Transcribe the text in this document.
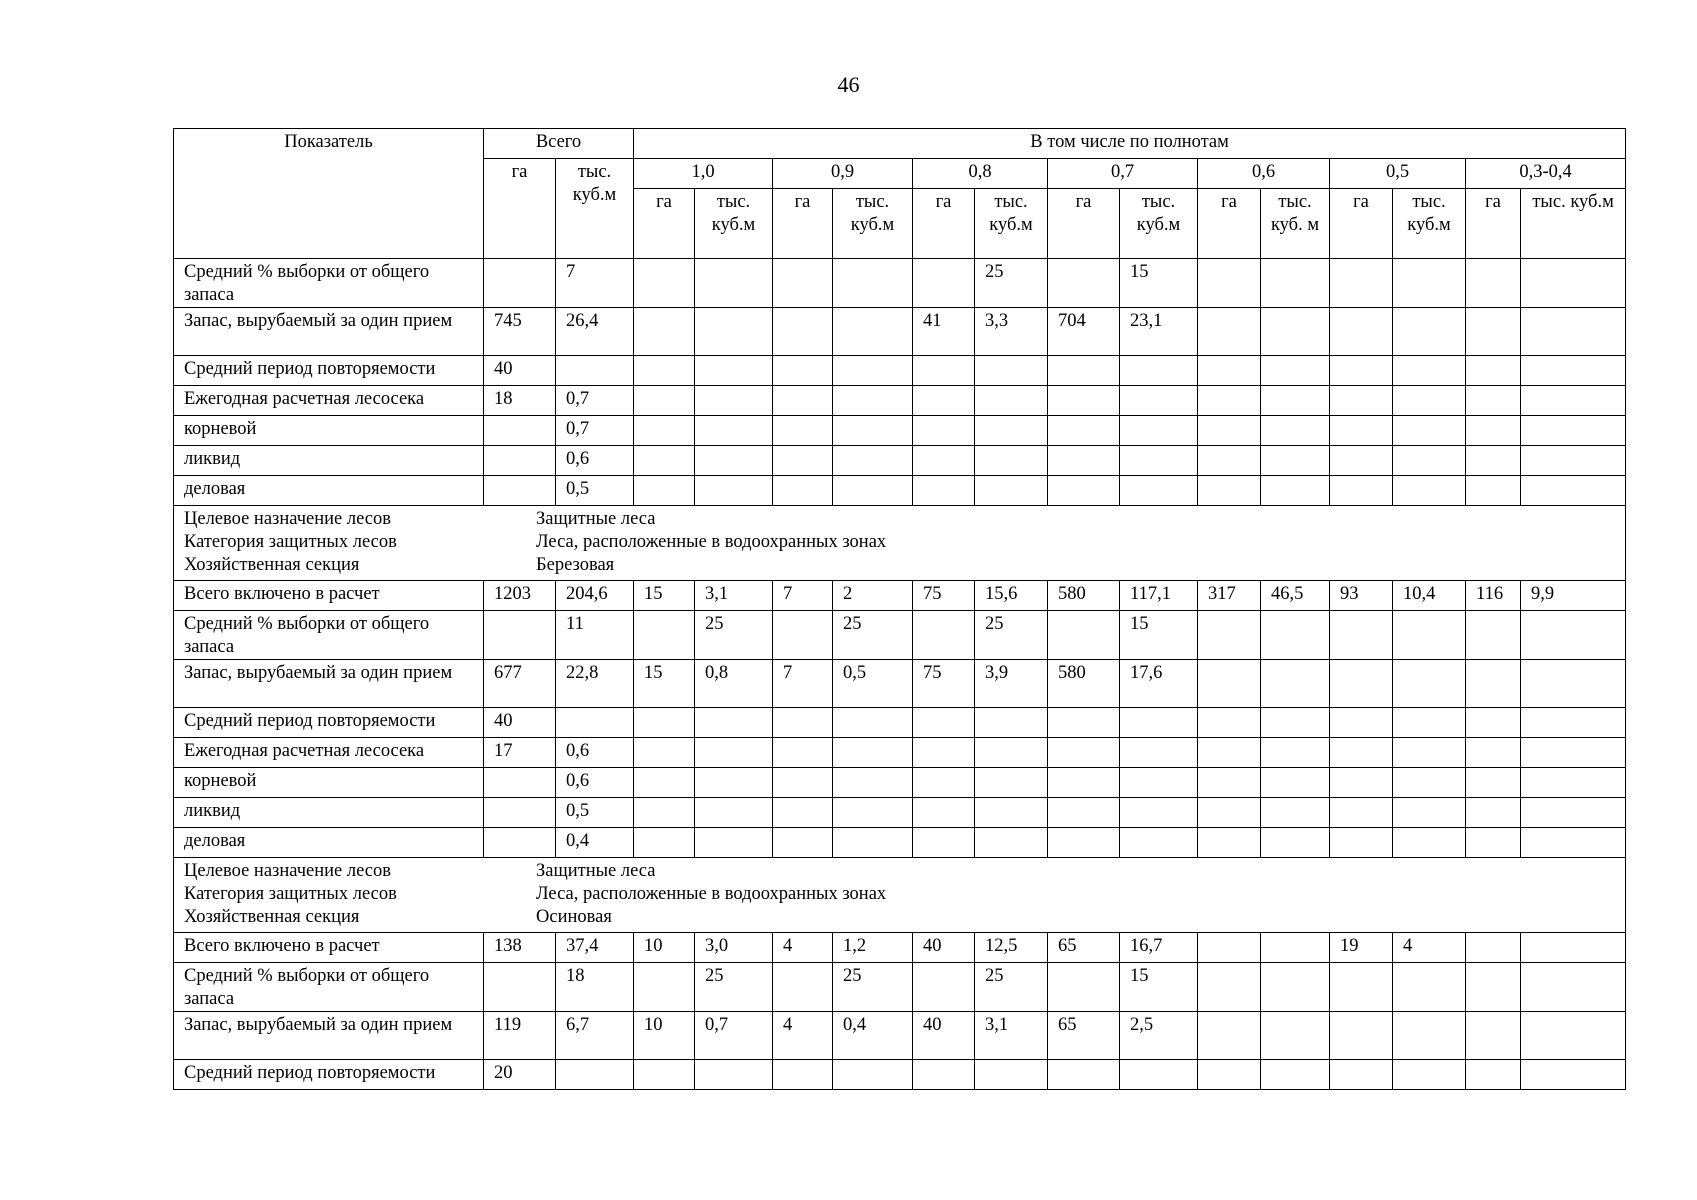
46
Показатель	Всего		В том числе по полнотам													
	га	тыс. куб.м	1,0		0,9		0,8		0,7		0,6		0,5		0,3-0,4	
			га	тыс. куб.м	га	тыс. куб.м	га	тыс. куб.м	га	тыс. куб.м	га	тыс. куб. м	га	тыс. куб.м	га	тыс. куб.м
Средний % выборки от общего запаса		7						25		15						
Запас, вырубаемый за один прием	745	26,4					41	3,3	704	23,1						
Средний период повторяемости	40															
Ежегодная расчетная лесосека	18	0,7														
корневой		0,7														
ликвид		0,6														
деловая		0,5														

Целевое назначение лесов Защитные леса
Категория защитных лесов Леса, расположенные в водоохранных зонах
Хозяйственная секция Березовая																

Всего включено в расчет	1203	204,6	15	3,1	7	2	75	15,6	580	117,1	317	46,5	93	10,4	116	9,9
Средний % выборки от общего запаса		11		25		25		25		15						
Запас, вырубаемый за один прием	677	22,8	15	0,8	7	0,5	75	3,9	580	17,6						
Средний период повторяемости	40															
Ежегодная расчетная лесосека	17	0,6														
корневой		0,6														
ликвид		0,5														
деловая		0,4														

Целевое назначение лесов Защитные леса
Категория защитных лесов Леса, расположенные в водоохранных зонах
Хозяйственная секция Осиновая																

Всего включено в расчет	138	37,4	10	3,0	4	1,2	40	12,5	65	16,7			19	4		
Средний % выборки от общего запаса		18		25		25		25		15						
Запас, вырубаемый за один прием	119	6,7	10	0,7	4	0,4	40	3,1	65	2,5						
Средний период повторяемости	20															
